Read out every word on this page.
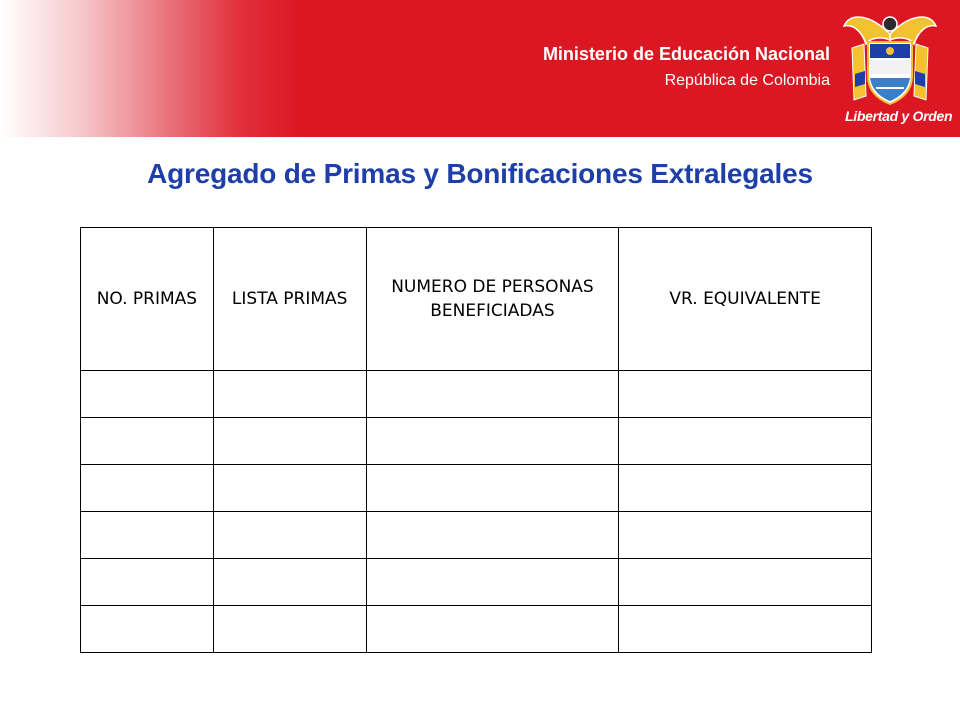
Ministerio de Educación Nacional
República de Colombia
Libertad y Orden
Agregado de Primas y Bonificaciones Extralegales
NO. PRIMAS	LISTA PRIMAS	NUMERO DE PERSONAS BENEFICIADAS	VR. EQUIVALENTE
